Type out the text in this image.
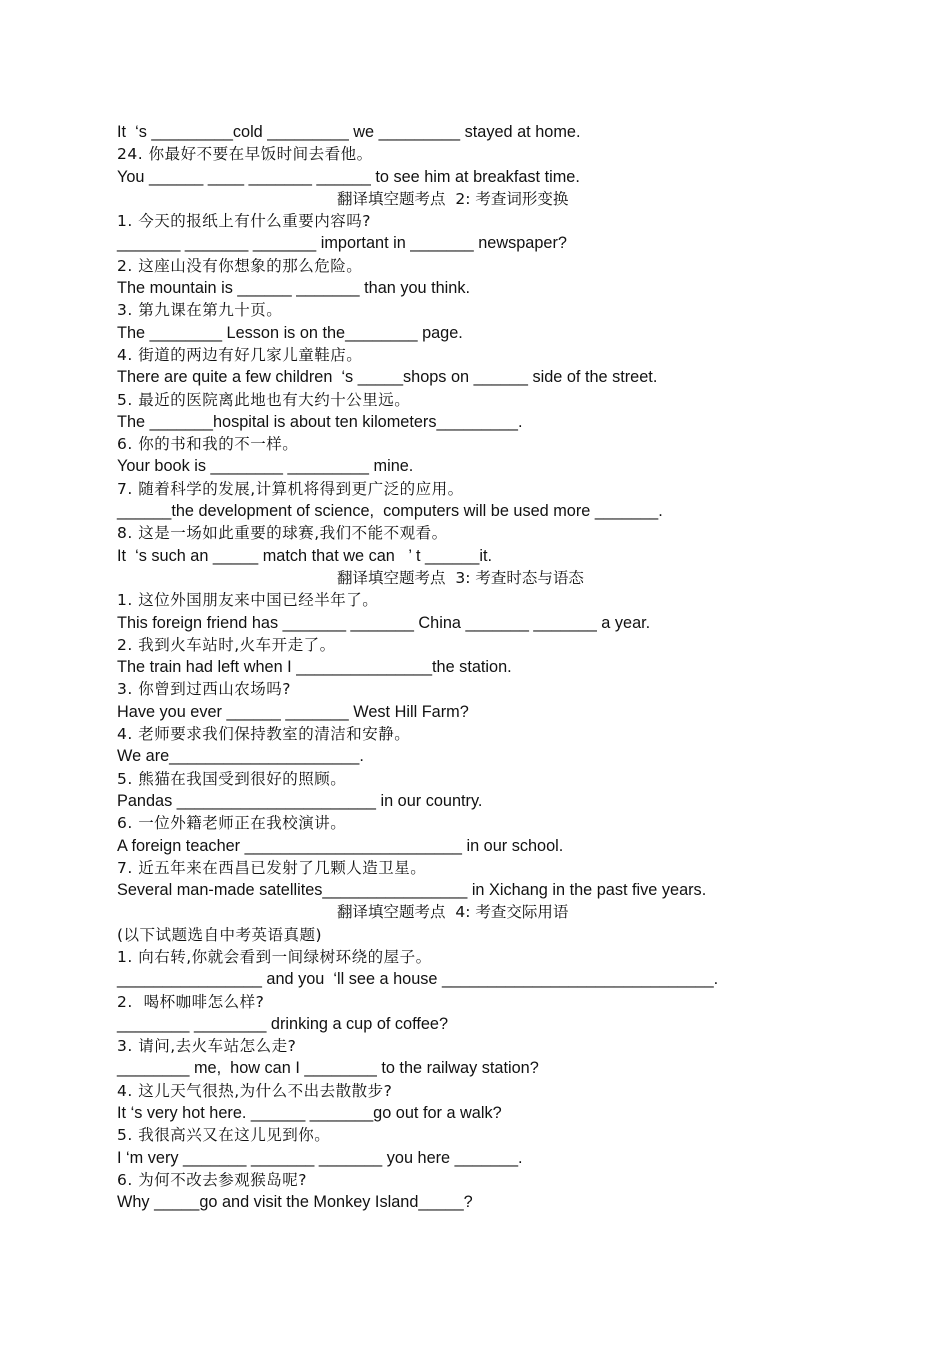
It  ‘s _________cold _________ we _________ stayed at home.
24. 你最好不要在早饭时间去看他。
You ______ ____ _______ ______ to see him at breakfast time.
翻译填空题考点  2: 考查词形变换
1. 今天的报纸上有什么重要内容吗?
_______ _______ _______ important in _______ newspaper?
2. 这座山没有你想象的那么危险。
The mountain is ______ _______ than you think.
3. 第九课在第九十页。
The ________ Lesson is on the________ page.
4. 街道的两边有好几家儿童鞋店。
There are quite a few children  ‘s _____shops on ______ side of the street.
5. 最近的医院离此地也有大约十公里远。
The _______hospital is about ten kilometers_________.
6. 你的书和我的不一样。
Your book is ________ _________ mine.
7. 随着科学的发展,计算机将得到更广泛的应用。
______the development of science,  computers will be used more _______.
8. 这是一场如此重要的球赛,我们不能不观看。
It  ‘s such an _____ match that we can   ’ t ______it.
翻译填空题考点  3: 考查时态与语态
1. 这位外国朋友来中国已经半年了。
This foreign friend has _______ _______ China _______ _______ a year.
2. 我到火车站时,火车开走了。
The train had left when I _______________the station.
3. 你曾到过西山农场吗?
Have you ever ______ _______ West Hill Farm?
4. 老师要求我们保持教室的清洁和安静。
We are_____________________.
5. 熊猫在我国受到很好的照顾。
Pandas ______________________ in our country.
6. 一位外籍老师正在我校演讲。
A foreign teacher ________________________ in our school.
7. 近五年来在西昌已发射了几颗人造卫星。
Several man-made satellites________________ in Xichang in the past five years.
翻译填空题考点  4: 考查交际用语
(以下试题选自中考英语真题)
1. 向右转,你就会看到一间绿树环绕的屋子。
________________ and you  ‘ll see a house ______________________________.
2.  喝杯咖啡怎么样?
________ ________ drinking a cup of coffee?
3. 请问,去火车站怎么走?
________ me,  how can I ________ to the railway station?
4. 这儿天气很热,为什么不出去散散步?
It ‘s very hot here. ______ _______go out for a walk?
5. 我很高兴又在这儿见到你。
I ‘m very _______ _______ _______ you here _______.
6. 为何不改去参观猴岛呢?
Why _____go and visit the Monkey Island_____?
